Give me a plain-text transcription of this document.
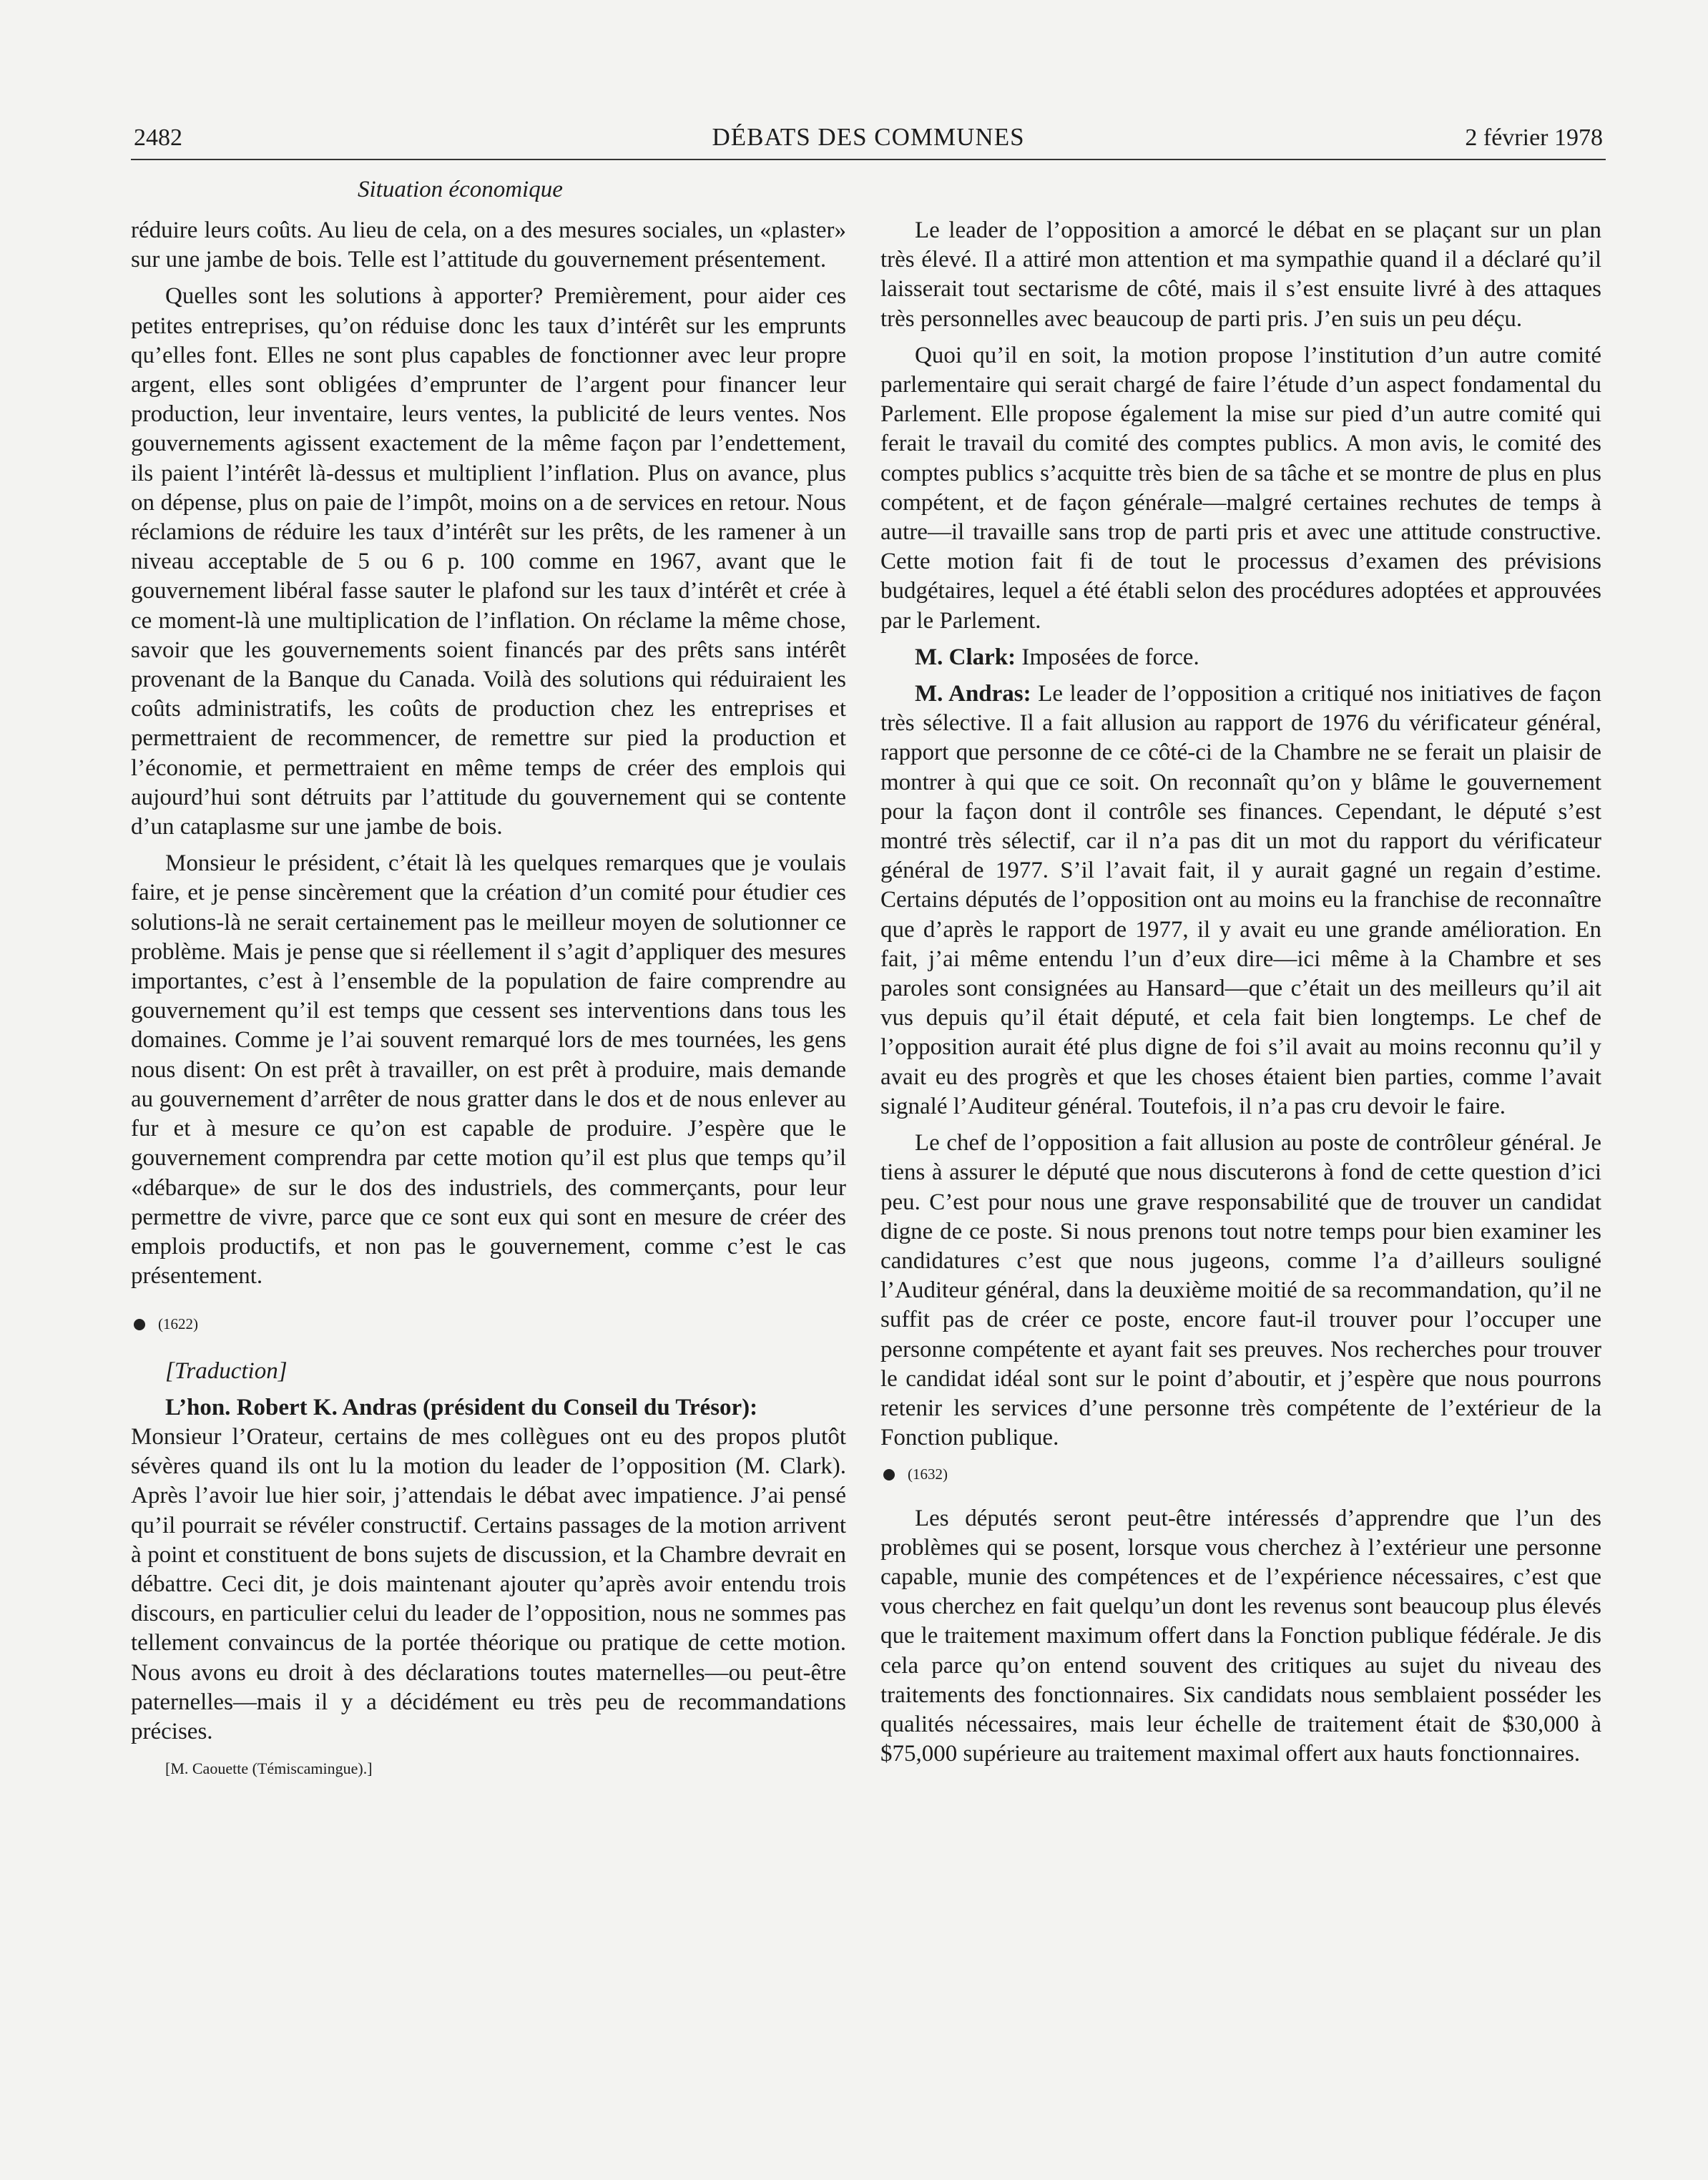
2482	DÉBATS DES COMMUNES	2 février 1978
Situation économique

réduire leurs coûts. Au lieu de cela, on a des mesures sociales, un «plaster» sur une jambe de bois. Telle est l’attitude du gouvernement présentement.

Quelles sont les solutions à apporter? Premièrement, pour aider ces petites entreprises, qu’on réduise donc les taux d’intérêt sur les emprunts qu’elles font. Elles ne sont plus capables de fonctionner avec leur propre argent, elles sont obligées d’emprunter de l’argent pour financer leur production, leur inventaire, leurs ventes, la publicité de leurs ventes. Nos gouvernements agissent exactement de la même façon par l’endettement, ils paient l’intérêt là-dessus et multiplient l’inflation. Plus on avance, plus on dépense, plus on paie de l’impôt, moins on a de services en retour. Nous réclamions de réduire les taux d’intérêt sur les prêts, de les ramener à un niveau acceptable de 5 ou 6 p. 100 comme en 1967, avant que le gouvernement libéral fasse sauter le plafond sur les taux d’intérêt et crée à ce moment-là une multiplication de l’inflation. On réclame la même chose, savoir que les gouvernements soient financés par des prêts sans intérêt provenant de la Banque du Canada. Voilà des solutions qui réduiraient les coûts administratifs, les coûts de production chez les entreprises et permettraient de recommencer, de remettre sur pied la production et l’économie, et permettraient en même temps de créer des emplois qui aujourd’hui sont détruits par l’attitude du gouvernement qui se contente d’un cataplasme sur une jambe de bois.

Monsieur le président, c’était là les quelques remarques que je voulais faire, et je pense sincèrement que la création d’un comité pour étudier ces solutions-là ne serait certainement pas le meilleur moyen de solutionner ce problème. Mais je pense que si réellement il s’agit d’appliquer des mesures importantes, c’est à l’ensemble de la population de faire comprendre au gouvernement qu’il est temps que cessent ses interventions dans tous les domaines. Comme je l’ai souvent remarqué lors de mes tournées, les gens nous disent: On est prêt à travailler, on est prêt à produire, mais demande au gouvernement d’arrêter de nous gratter dans le dos et de nous enlever au fur et à mesure ce qu’on est capable de produire. J’espère que le gouvernement comprendra par cette motion qu’il est plus que temps qu’il «débarque» de sur le dos des industriels, des commerçants, pour leur permettre de vivre, parce que ce sont eux qui sont en mesure de créer des emplois productifs, et non pas le gouvernement, comme c’est le cas présentement.

(1622)

[Traduction]

L’hon. Robert K. Andras (président du Conseil du Trésor):

Monsieur l’Orateur, certains de mes collègues ont eu des propos plutôt sévères quand ils ont lu la motion du leader de l’opposition (M. Clark). Après l’avoir lue hier soir, j’attendais le débat avec impatience. J’ai pensé qu’il pourrait se révéler constructif. Certains passages de la motion arrivent à point et constituent de bons sujets de discussion, et la Chambre devrait en débattre. Ceci dit, je dois maintenant ajouter qu’après avoir entendu trois discours, en particulier celui du leader de l’opposition, nous ne sommes pas tellement convaincus de la portée théorique ou pratique de cette motion. Nous avons eu droit à des déclarations toutes maternelles—ou peut-être paternelles—mais il y a décidément eu très peu de recommandations précises.

[M. Caouette (Témiscamingue).]

Le leader de l’opposition a amorcé le débat en se plaçant sur un plan très élevé. Il a attiré mon attention et ma sympathie quand il a déclaré qu’il laisserait tout sectarisme de côté, mais il s’est ensuite livré à des attaques très personnelles avec beaucoup de parti pris. J’en suis un peu déçu.

Quoi qu’il en soit, la motion propose l’institution d’un autre comité parlementaire qui serait chargé de faire l’étude d’un aspect fondamental du Parlement. Elle propose également la mise sur pied d’un autre comité qui ferait le travail du comité des comptes publics. A mon avis, le comité des comptes publics s’acquitte très bien de sa tâche et se montre de plus en plus compétent, et de façon générale—malgré certaines rechutes de temps à autre—il travaille sans trop de parti pris et avec une attitude constructive. Cette motion fait fi de tout le processus d’examen des prévisions budgétaires, lequel a été établi selon des procédures adoptées et approuvées par le Parlement.

M. Clark: Imposées de force.

M. Andras: Le leader de l’opposition a critiqué nos initiatives de façon très sélective. Il a fait allusion au rapport de 1976 du vérificateur général, rapport que personne de ce côté-ci de la Chambre ne se ferait un plaisir de montrer à qui que ce soit. On reconnaît qu’on y blâme le gouvernement pour la façon dont il contrôle ses finances. Cependant, le député s’est montré très sélectif, car il n’a pas dit un mot du rapport du vérificateur général de 1977. S’il l’avait fait, il y aurait gagné un regain d’estime. Certains députés de l’opposition ont au moins eu la franchise de reconnaître que d’après le rapport de 1977, il y avait eu une grande amélioration. En fait, j’ai même entendu l’un d’eux dire—ici même à la Chambre et ses paroles sont consignées au Hansard—que c’était un des meilleurs qu’il ait vus depuis qu’il était député, et cela fait bien longtemps. Le chef de l’opposition aurait été plus digne de foi s’il avait au moins reconnu qu’il y avait eu des progrès et que les choses étaient bien parties, comme l’avait signalé l’Auditeur général. Toutefois, il n’a pas cru devoir le faire.

Le chef de l’opposition a fait allusion au poste de contrôleur général. Je tiens à assurer le député que nous discuterons à fond de cette question d’ici peu. C’est pour nous une grave responsabilité que de trouver un candidat digne de ce poste. Si nous prenons tout notre temps pour bien examiner les candidatures c’est que nous jugeons, comme l’a d’ailleurs souligné l’Auditeur général, dans la deuxième moitié de sa recommandation, qu’il ne suffit pas de créer ce poste, encore faut-il trouver pour l’occuper une personne compétente et ayant fait ses preuves. Nos recherches pour trouver le candidat idéal sont sur le point d’aboutir, et j’espère que nous pourrons retenir les services d’une personne très compétente de l’extérieur de la Fonction publique.

(1632)

Les députés seront peut-être intéressés d’apprendre que l’un des problèmes qui se posent, lorsque vous cherchez à l’extérieur une personne capable, munie des compétences et de l’expérience nécessaires, c’est que vous cherchez en fait quelqu’un dont les revenus sont beaucoup plus élevés que le traitement maximum offert dans la Fonction publique fédérale. Je dis cela parce qu’on entend souvent des critiques au sujet du niveau des traitements des fonctionnaires. Six candidats nous semblaient posséder les qualités nécessaires, mais leur échelle de traitement était de $30,000 à $75,000 supérieure au traitement maximal offert aux hauts fonctionnaires.
